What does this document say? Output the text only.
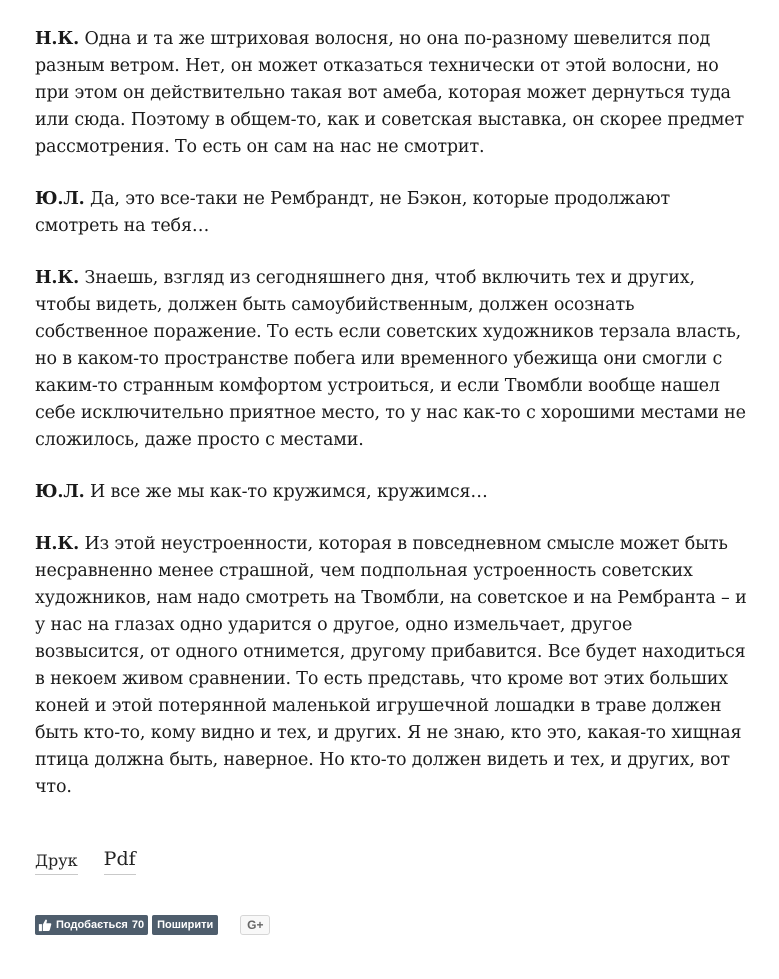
Н.К. Одна и та же штриховая волосня, но она по-разному шевелится под разным ветром. Нет, он может отказаться технически от этой волосни, но при этом он действительно такая вот амеба, которая может дернуться туда или сюда. Поэтому в общем-то, как и советская выставка, он скорее предмет рассмотрения. То есть он сам на нас не смотрит.

Ю.Л. Да, это все-таки не Рембрандт, не Бэкон, которые продолжают смотреть на тебя…

Н.К. Знаешь, взгляд из сегодняшнего дня, чтоб включить тех и других, чтобы видеть, должен быть самоубийственным, должен осознать собственное поражение. То есть если советских художников терзала власть, но в каком-то пространстве побега или временного убежища они смогли с каким-то странным комфортом устроиться, и если Твомбли вообще нашел себе исключительно приятное место, то у нас как-то с хорошими местами не сложилось, даже просто с местами.

Ю.Л. И все же мы как-то кружимся, кружимся…

Н.К. Из этой неустроенности, которая в повседневном смысле может быть несравненно менее страшной, чем подпольная устроенность советских художников, нам надо смотреть на Твомбли, на советское и на Рембранта – и у нас на глазах одно ударится о другое, одно измельчает, другое возвысится, от одного отнимется, другому прибавится. Все будет находиться в некоем живом сравнении. То есть представь, что кроме вот этих больших коней и этой потерянной маленькой игрушечной лошадки в траве должен быть кто-то, кому видно и тех, и других. Я не знаю, кто это, какая-то хищная птица должна быть, наверное. Но кто-то должен видеть и тех, и других, вот что.

Друк Pdf
Подобається 70 Поширити	G+
